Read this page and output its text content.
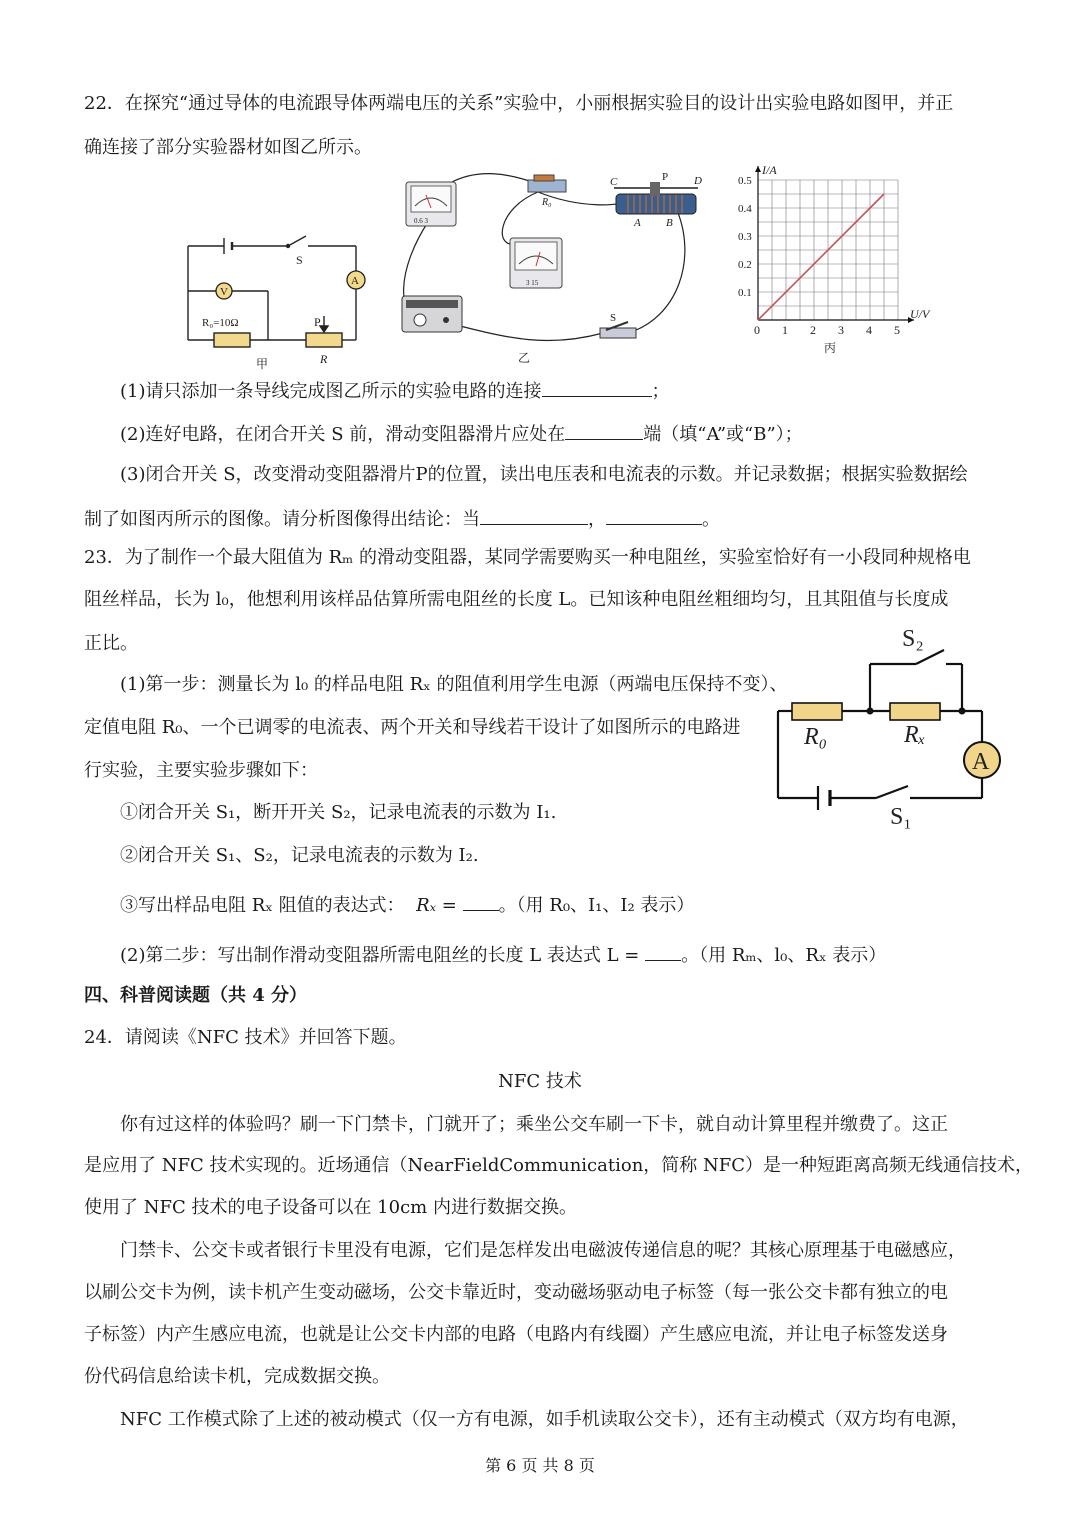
22．在探究“通过导体的电流跟导体两端电压的关系”实验中，小丽根据实验目的设计出实验电路如图甲，并正
确连接了部分实验器材如图乙所示。
V
A
S
R₀=10Ω	P
R
甲
0.6 3
R₀
3 15
C	P D
A B
S
乙
0 1 2 3 4 5
0.1
0.2
0.3
0.4
0.5
I/A
U/V
丙
(1)请只添加一条导线完成图乙所示的实验电路的连接	；
(2)连好电路，在闭合开关 S 前，滑动变阻器滑片应处在	端（填“A”或“B”）；
(3)闭合开关 S，改变滑动变阻器滑片P的位置，读出电压表和电流表的示数。并记录数据；根据实验数据绘
制了如图丙所示的图像。请分析图像得出结论：当	，	。
23．为了制作一个最大阻值为 Rₘ 的滑动变阻器，某同学需要购买一种电阻丝，实验室恰好有一小段同种规格电
阻丝样品，长为 l₀，他想利用该样品估算所需电阻丝的长度 L。已知该种电阻丝粗细均匀，且其阻值与长度成
正比。
(1)第一步：测量长为 l₀ 的样品电阻 Rₓ 的阻值利用学生电源（两端电压保持不变）、
定值电阻 R₀、一个已调零的电流表、两个开关和导线若干设计了如图所示的电路进
行实验，主要实验步骤如下：
①闭合开关 S₁，断开开关 S₂，记录电流表的示数为 I₁.
②闭合开关 S₁、S₂，记录电流表的示数为 I₂.
③写出样品电阻 Rₓ 阻值的表达式： Rₓ = 。（用 R₀、I₁、I₂ 表示）
(2)第二步：写出制作滑动变阻器所需电阻丝的长度 L 表达式 L = 。（用 Rₘ、l₀、Rₓ 表示）
A
S₂
R₀	Rₓ
S₁
四、科普阅读题（共 4 分）
24．请阅读《NFC 技术》并回答下题。
NFC 技术
你有过这样的体验吗？刷一下门禁卡，门就开了；乘坐公交车刷一下卡，就自动计算里程并缴费了。这正
是应用了 NFC 技术实现的。近场通信（NearFieldCommunication，简称 NFC）是一种短距离高频无线通信技术，
使用了 NFC 技术的电子设备可以在 10cm 内进行数据交换。
门禁卡、公交卡或者银行卡里没有电源，它们是怎样发出电磁波传递信息的呢？其核心原理基于电磁感应，
以刷公交卡为例，读卡机产生变动磁场，公交卡靠近时，变动磁场驱动电子标签（每一张公交卡都有独立的电
子标签）内产生感应电流，也就是让公交卡内部的电路（电路内有线圈）产生感应电流，并让电子标签发送身
份代码信息给读卡机，完成数据交换。
NFC 工作模式除了上述的被动模式（仅一方有电源，如手机读取公交卡），还有主动模式（双方均有电源，
第 6 页 共 8 页
